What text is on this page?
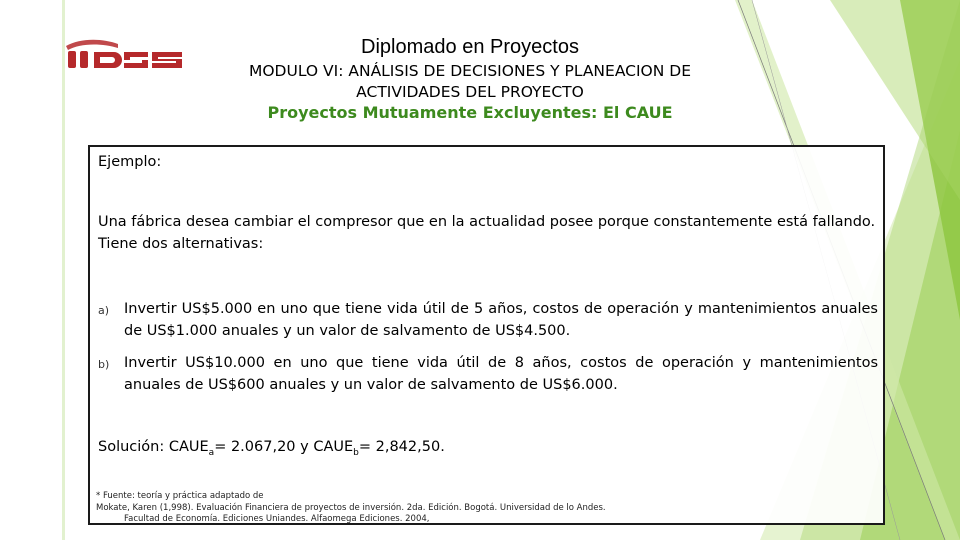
Diplomado en Proyectos
MODULO VI: ANÁLISIS DE DECISIONES Y PLANEACION DE
ACTIVIDADES DEL PROYECTO
Proyectos Mutuamente Excluyentes: El CAUE
Ejemplo:
Una fábrica desea cambiar el compresor que en la actualidad posee porque constantemente está fallando. Tiene dos alternativas:
a) Invertir US$5.000 en uno que tiene vida útil de 5 años, costos de operación y mantenimientos anuales de US$1.000 anuales y un valor de salvamento de US$4.500.
b) Invertir US$10.000 en uno que tiene vida útil de 8 años, costos de operación y mantenimientos anuales de US$600 anuales y un valor de salvamento de US$6.000.
Solución: $CAUE_a= 2.067,20$ y $CAUE_b= 2,842,50$.
* Fuente: teoría y práctica adaptado de
Mokate, Karen (1,998). Evaluación Financiera de proyectos de inversión. 2da. Edición. Bogotá. Universidad de lo Andes.
Facultad de Economía. Ediciones Uniandes. Alfaomega Ediciones. 2004,
